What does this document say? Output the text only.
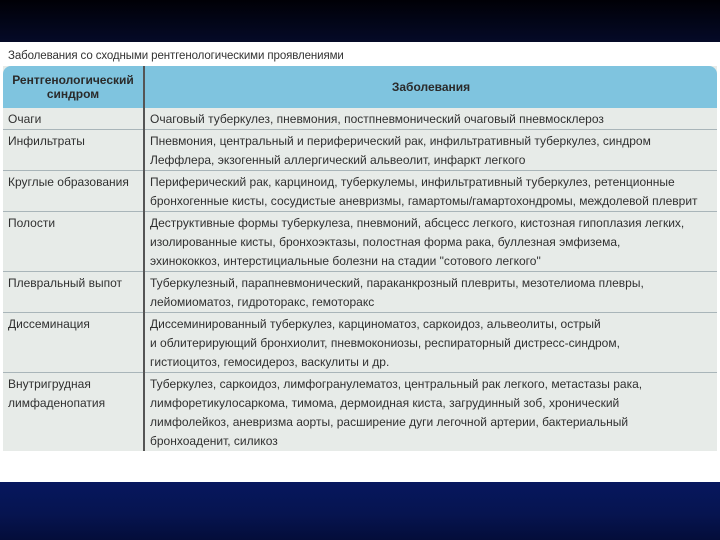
Заболевания со сходными рентгенологическими проявлениями
Рентгенологический
синдром	Заболевания

Очаги	Очаговый туберкулез, пневмония, постпневмонический очаговый пневмосклероз

Инфильтраты	Пневмония, центральный и периферический рак, инфильтративный туберкулез, синдром
Леффлера, экзогенный аллергический альвеолит, инфаркт легкого

Круглые образования	Периферический рак, карциноид, туберкулемы, инфильтративный туберкулез, ретенционные
бронхогенные кисты, сосудистые аневризмы, гамартомы/гамартохондромы, междолевой плеврит

Полости	Деструктивные формы туберкулеза, пневмоний, абсцесс легкого, кистозная гипоплазия легких,
изолированные кисты, бронхоэктазы, полостная форма рака, буллезная эмфизема,
эхинококкоз, интерстициальные болезни на стадии "сотового легкого"

Плевральный выпот	Туберкулезный, парапневмонический, параканкрозный плевриты, мезотелиома плевры,
лейомиоматоз, гидроторакс, гемоторакс

Диссеминация	Диссеминированный туберкулез, карциноматоз, саркоидоз, альвеолиты, острый
и облитерирующий бронхиолит, пневмокониозы, респираторный дистресс-синдром,
гистиоцитоз, гемосидероз, васкулиты и др.

Внутригрудная
лимфаденопатия	Туберкулез, саркоидоз, лимфогранулематоз, центральный рак легкого, метастазы рака,
лимфоретикулосаркома, тимома, дермоидная киста, загрудинный зоб, хронический
лимфолейкоз, аневризма аорты, расширение дуги легочной артерии, бактериальный
бронхоаденит, силикоз
